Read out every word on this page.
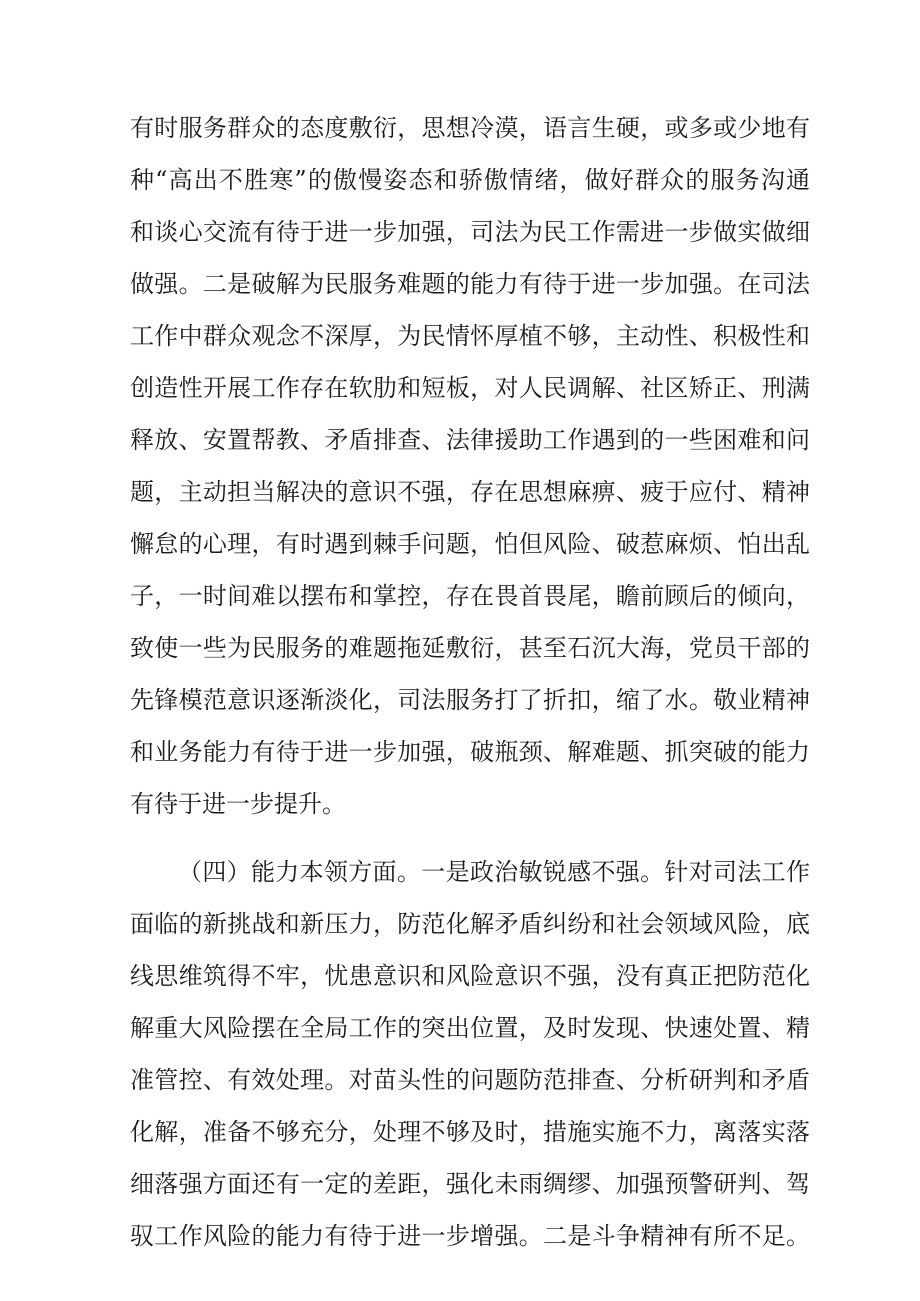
有时服务群众的态度敷衍，思想冷漠，语言生硬，或多或少地有
种“高出不胜寒”的傲慢姿态和骄傲情绪，做好群众的服务沟通
和谈心交流有待于进一步加强，司法为民工作需进一步做实做细
做强。二是破解为民服务难题的能力有待于进一步加强。在司法
工作中群众观念不深厚，为民情怀厚植不够，主动性、积极性和
创造性开展工作存在软肋和短板，对人民调解、社区矫正、刑满
释放、安置帮教、矛盾排查、法律援助工作遇到的一些困难和问
题，主动担当解决的意识不强，存在思想麻痹、疲于应付、精神
懈怠的心理，有时遇到棘手问题，怕但风险、破惹麻烦、怕出乱
子，一时间难以摆布和掌控，存在畏首畏尾，瞻前顾后的倾向，
致使一些为民服务的难题拖延敷衍，甚至石沉大海，党员干部的
先锋模范意识逐渐淡化，司法服务打了折扣，缩了水。敬业精神
和业务能力有待于进一步加强，破瓶颈、解难题、抓突破的能力
有待于进一步提升。
（四）能力本领方面。一是政治敏锐感不强。针对司法工作
面临的新挑战和新压力，防范化解矛盾纠纷和社会领域风险，底
线思维筑得不牢，忧患意识和风险意识不强，没有真正把防范化
解重大风险摆在全局工作的突出位置，及时发现、快速处置、精
准管控、有效处理。对苗头性的问题防范排查、分析研判和矛盾
化解，准备不够充分，处理不够及时，措施实施不力，离落实落
细落强方面还有一定的差距，强化未雨绸缪、加强预警研判、驾
驭工作风险的能力有待于进一步增强。二是斗争精神有所不足。
